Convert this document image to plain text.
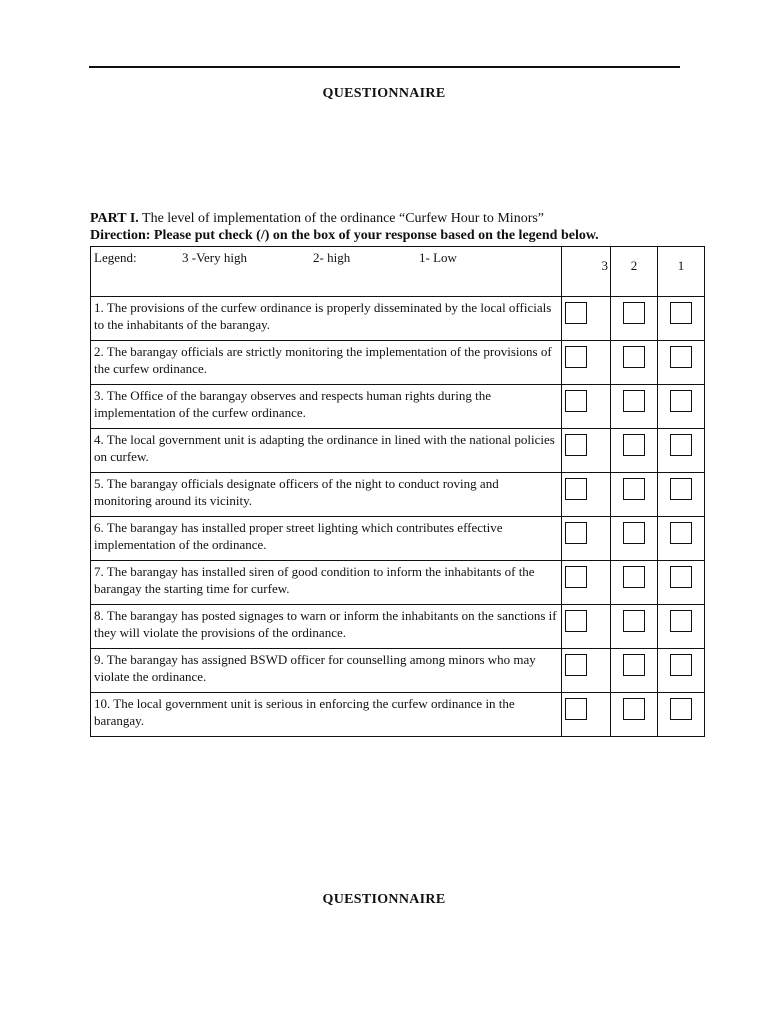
QUESTIONNAIRE
PART I. The level of implementation of the ordinance “Curfew Hour to Minors”
Direction: Please put check (/) on the box of your response based on the legend below.
Legend: 3 -Very high 2- high 1- Low	3	2	1
1. The provisions of the curfew ordinance is properly disseminated by the local officials to the inhabitants of the barangay.	

2. The barangay officials are strictly monitoring the implementation of the provisions of the curfew ordinance.	

3. The Office of the barangay observes and respects human rights during the implementation of the curfew ordinance.	

4. The local government unit is adapting the ordinance in lined with the national policies on curfew.	

5. The barangay officials designate officers of the night to conduct roving and monitoring around its vicinity.	

6. The barangay has installed proper street lighting which contributes effective implementation of the ordinance.	

7. The barangay has installed siren of good condition to inform the inhabitants of the barangay the starting time for curfew.	

8. The barangay has posted signages to warn or inform the inhabitants on the sanctions if they will violate the provisions of the ordinance.	

9. The barangay has assigned BSWD officer for counselling among minors who may violate the ordinance.	

10. The local government unit is serious in enforcing the curfew ordinance in the barangay.	

QUESTIONNAIRE
